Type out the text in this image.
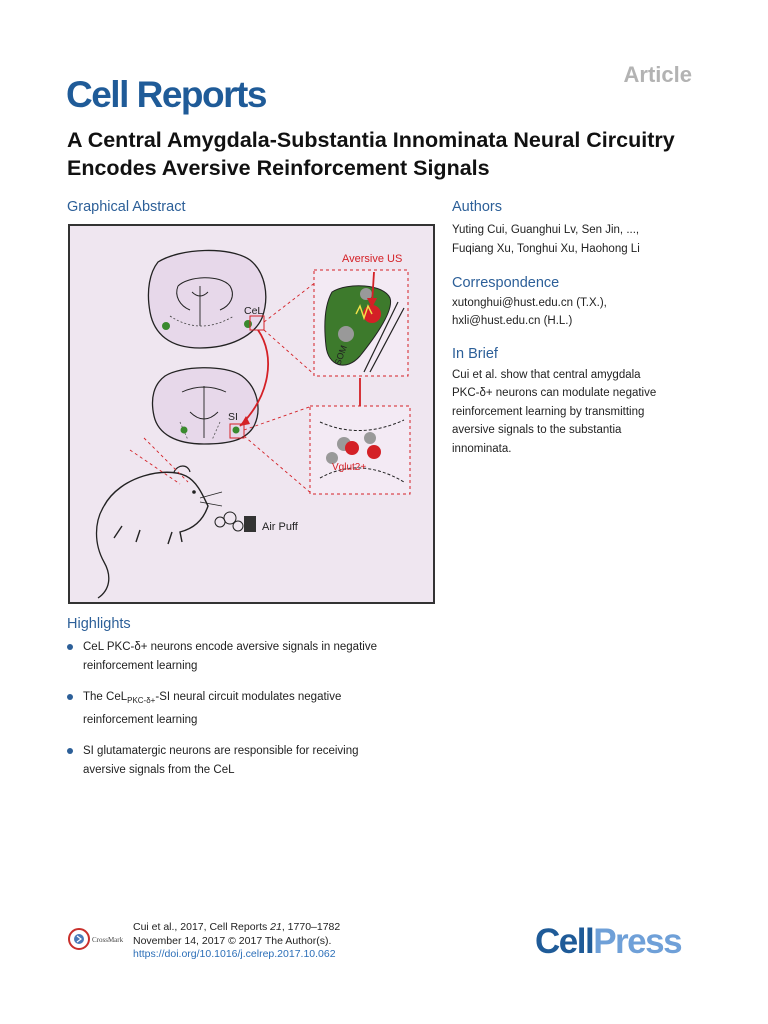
Article
Cell Reports
A Central Amygdala-Substantia Innominata Neural Circuitry Encodes Aversive Reinforcement Signals
Graphical Abstract
CeL
SI
Aversive US
SOM
Vglut2+
Air Puff
Authors
Yuting Cui, Guanghui Lv, Sen Jin, ...,
Fuqiang Xu, Tonghui Xu, Haohong Li
Correspondence
xutonghui@hust.edu.cn (T.X.),
hxli@hust.edu.cn (H.L.)
In Brief
Cui et al. show that central amygdala
PKC-δ+ neurons can modulate negative
reinforcement learning by transmitting
aversive signals to the substantia
innominata.
Highlights
CeL PKC-δ+ neurons encode aversive signals in negative
reinforcement learning
The CeL$_{PKC-\delta+}$-SI neural circuit modulates negative
reinforcement learning
SI glutamatergic neurons are responsible for receiving
aversive signals from the CeL
CrossMark
Cui et al., 2017, Cell Reports 21, 1770–1782
November 14, 2017 © 2017 The Author(s).
https://doi.org/10.1016/j.celrep.2017.10.062	CellPress
